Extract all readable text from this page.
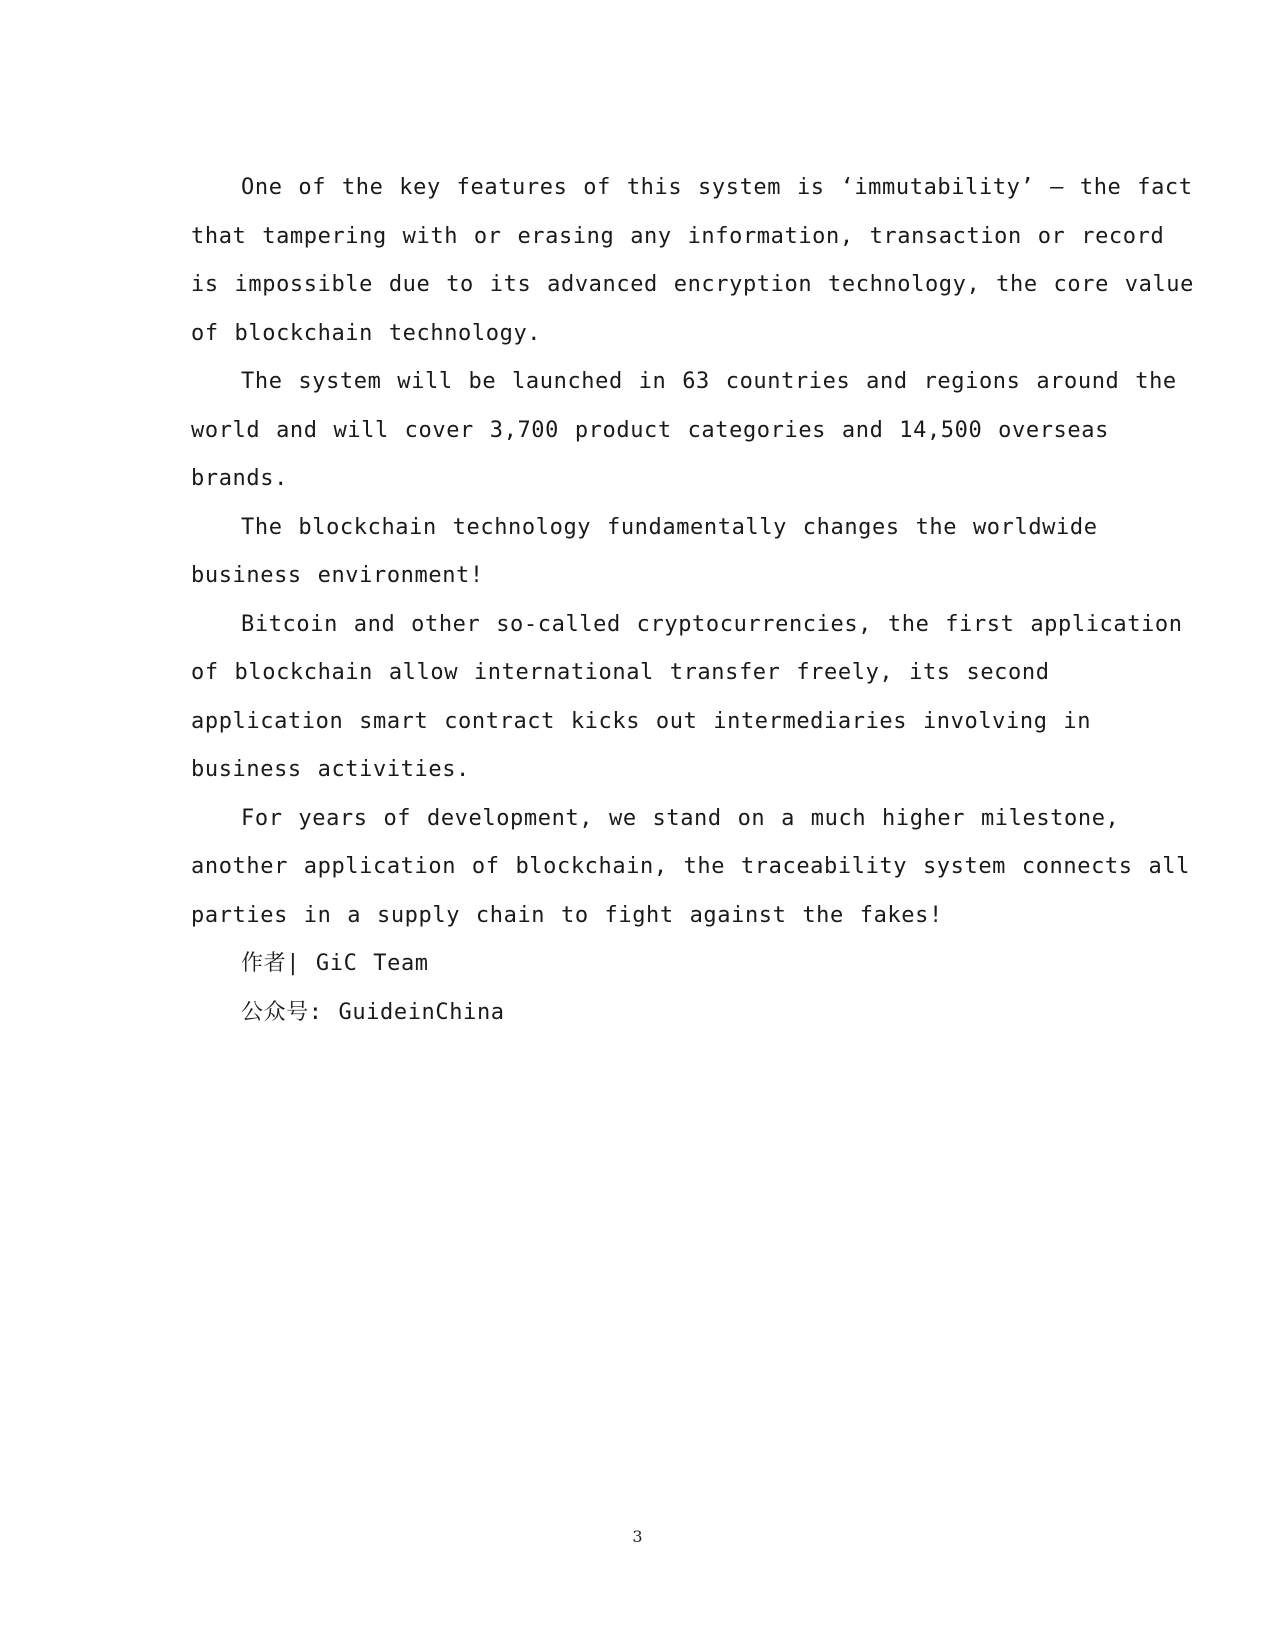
One of the key features of this system is ‘immutability’ – the fact
that tampering with or erasing any information, transaction or record
is impossible due to its advanced encryption technology, the core value
of blockchain technology.

The system will be launched in 63 countries and regions around the
world and will cover 3,700 product categories and 14,500 overseas
brands.

The blockchain technology fundamentally changes the worldwide
business environment!

Bitcoin and other so-called cryptocurrencies, the first application
of blockchain allow international transfer freely, its second
application smart contract kicks out intermediaries involving in
business activities.

For years of development, we stand on a much higher milestone,
another application of blockchain, the traceability system connects all
parties in a supply chain to fight against the fakes!

作者| GiC Team

公众号: GuideinChina

3
